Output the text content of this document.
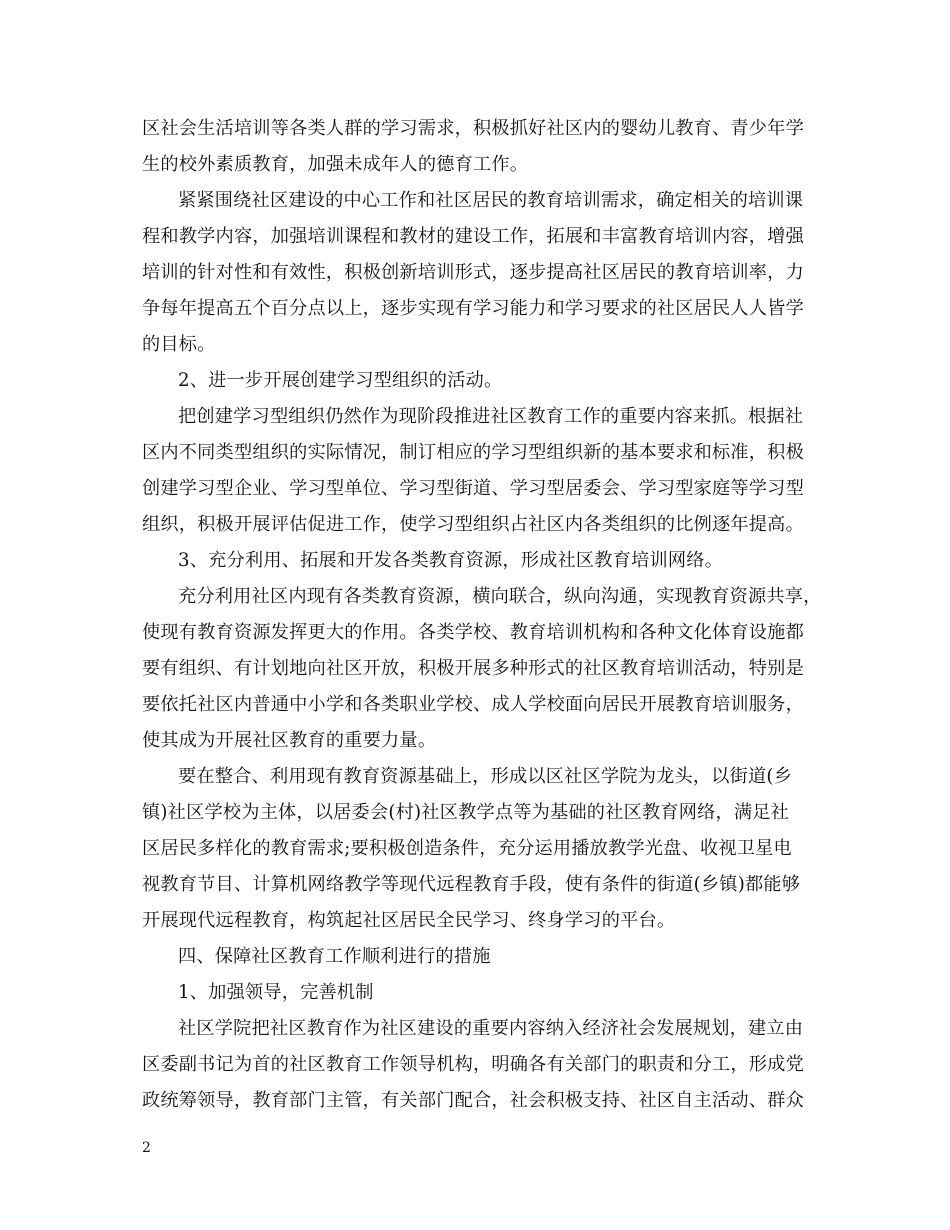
区社会生活培训等各类人群的学习需求，积极抓好社区内的婴幼儿教育、青少年学
生的校外素质教育，加强未成年人的德育工作。
紧紧围绕社区建设的中心工作和社区居民的教育培训需求，确定相关的培训课
程和教学内容，加强培训课程和教材的建设工作，拓展和丰富教育培训内容，增强
培训的针对性和有效性，积极创新培训形式，逐步提高社区居民的教育培训率，力
争每年提高五个百分点以上，逐步实现有学习能力和学习要求的社区居民人人皆学
的目标。
2、进一步开展创建学习型组织的活动。
把创建学习型组织仍然作为现阶段推进社区教育工作的重要内容来抓。根据社
区内不同类型组织的实际情况，制订相应的学习型组织新的基本要求和标准，积极
创建学习型企业、学习型单位、学习型街道、学习型居委会、学习型家庭等学习型
组织，积极开展评估促进工作，使学习型组织占社区内各类组织的比例逐年提高。
3、充分利用、拓展和开发各类教育资源，形成社区教育培训网络。
充分利用社区内现有各类教育资源，横向联合，纵向沟通，实现教育资源共享，
使现有教育资源发挥更大的作用。各类学校、教育培训机构和各种文化体育设施都
要有组织、有计划地向社区开放，积极开展多种形式的社区教育培训活动，特别是
要依托社区内普通中小学和各类职业学校、成人学校面向居民开展教育培训服务，
使其成为开展社区教育的重要力量。
要在整合、利用现有教育资源基础上，形成以区社区学院为龙头，以街道(乡
镇)社区学校为主体，以居委会(村)社区教学点等为基础的社区教育网络，满足社
区居民多样化的教育需求;要积极创造条件，充分运用播放教学光盘、收视卫星电
视教育节目、计算机网络教学等现代远程教育手段，使有条件的街道(乡镇)都能够
开展现代远程教育，构筑起社区居民全民学习、终身学习的平台。
四、保障社区教育工作顺利进行的措施
1、加强领导，完善机制
社区学院把社区教育作为社区建设的重要内容纳入经济社会发展规划，建立由
区委副书记为首的社区教育工作领导机构，明确各有关部门的职责和分工，形成党
政统筹领导，教育部门主管，有关部门配合，社会积极支持、社区自主活动、群众
2
